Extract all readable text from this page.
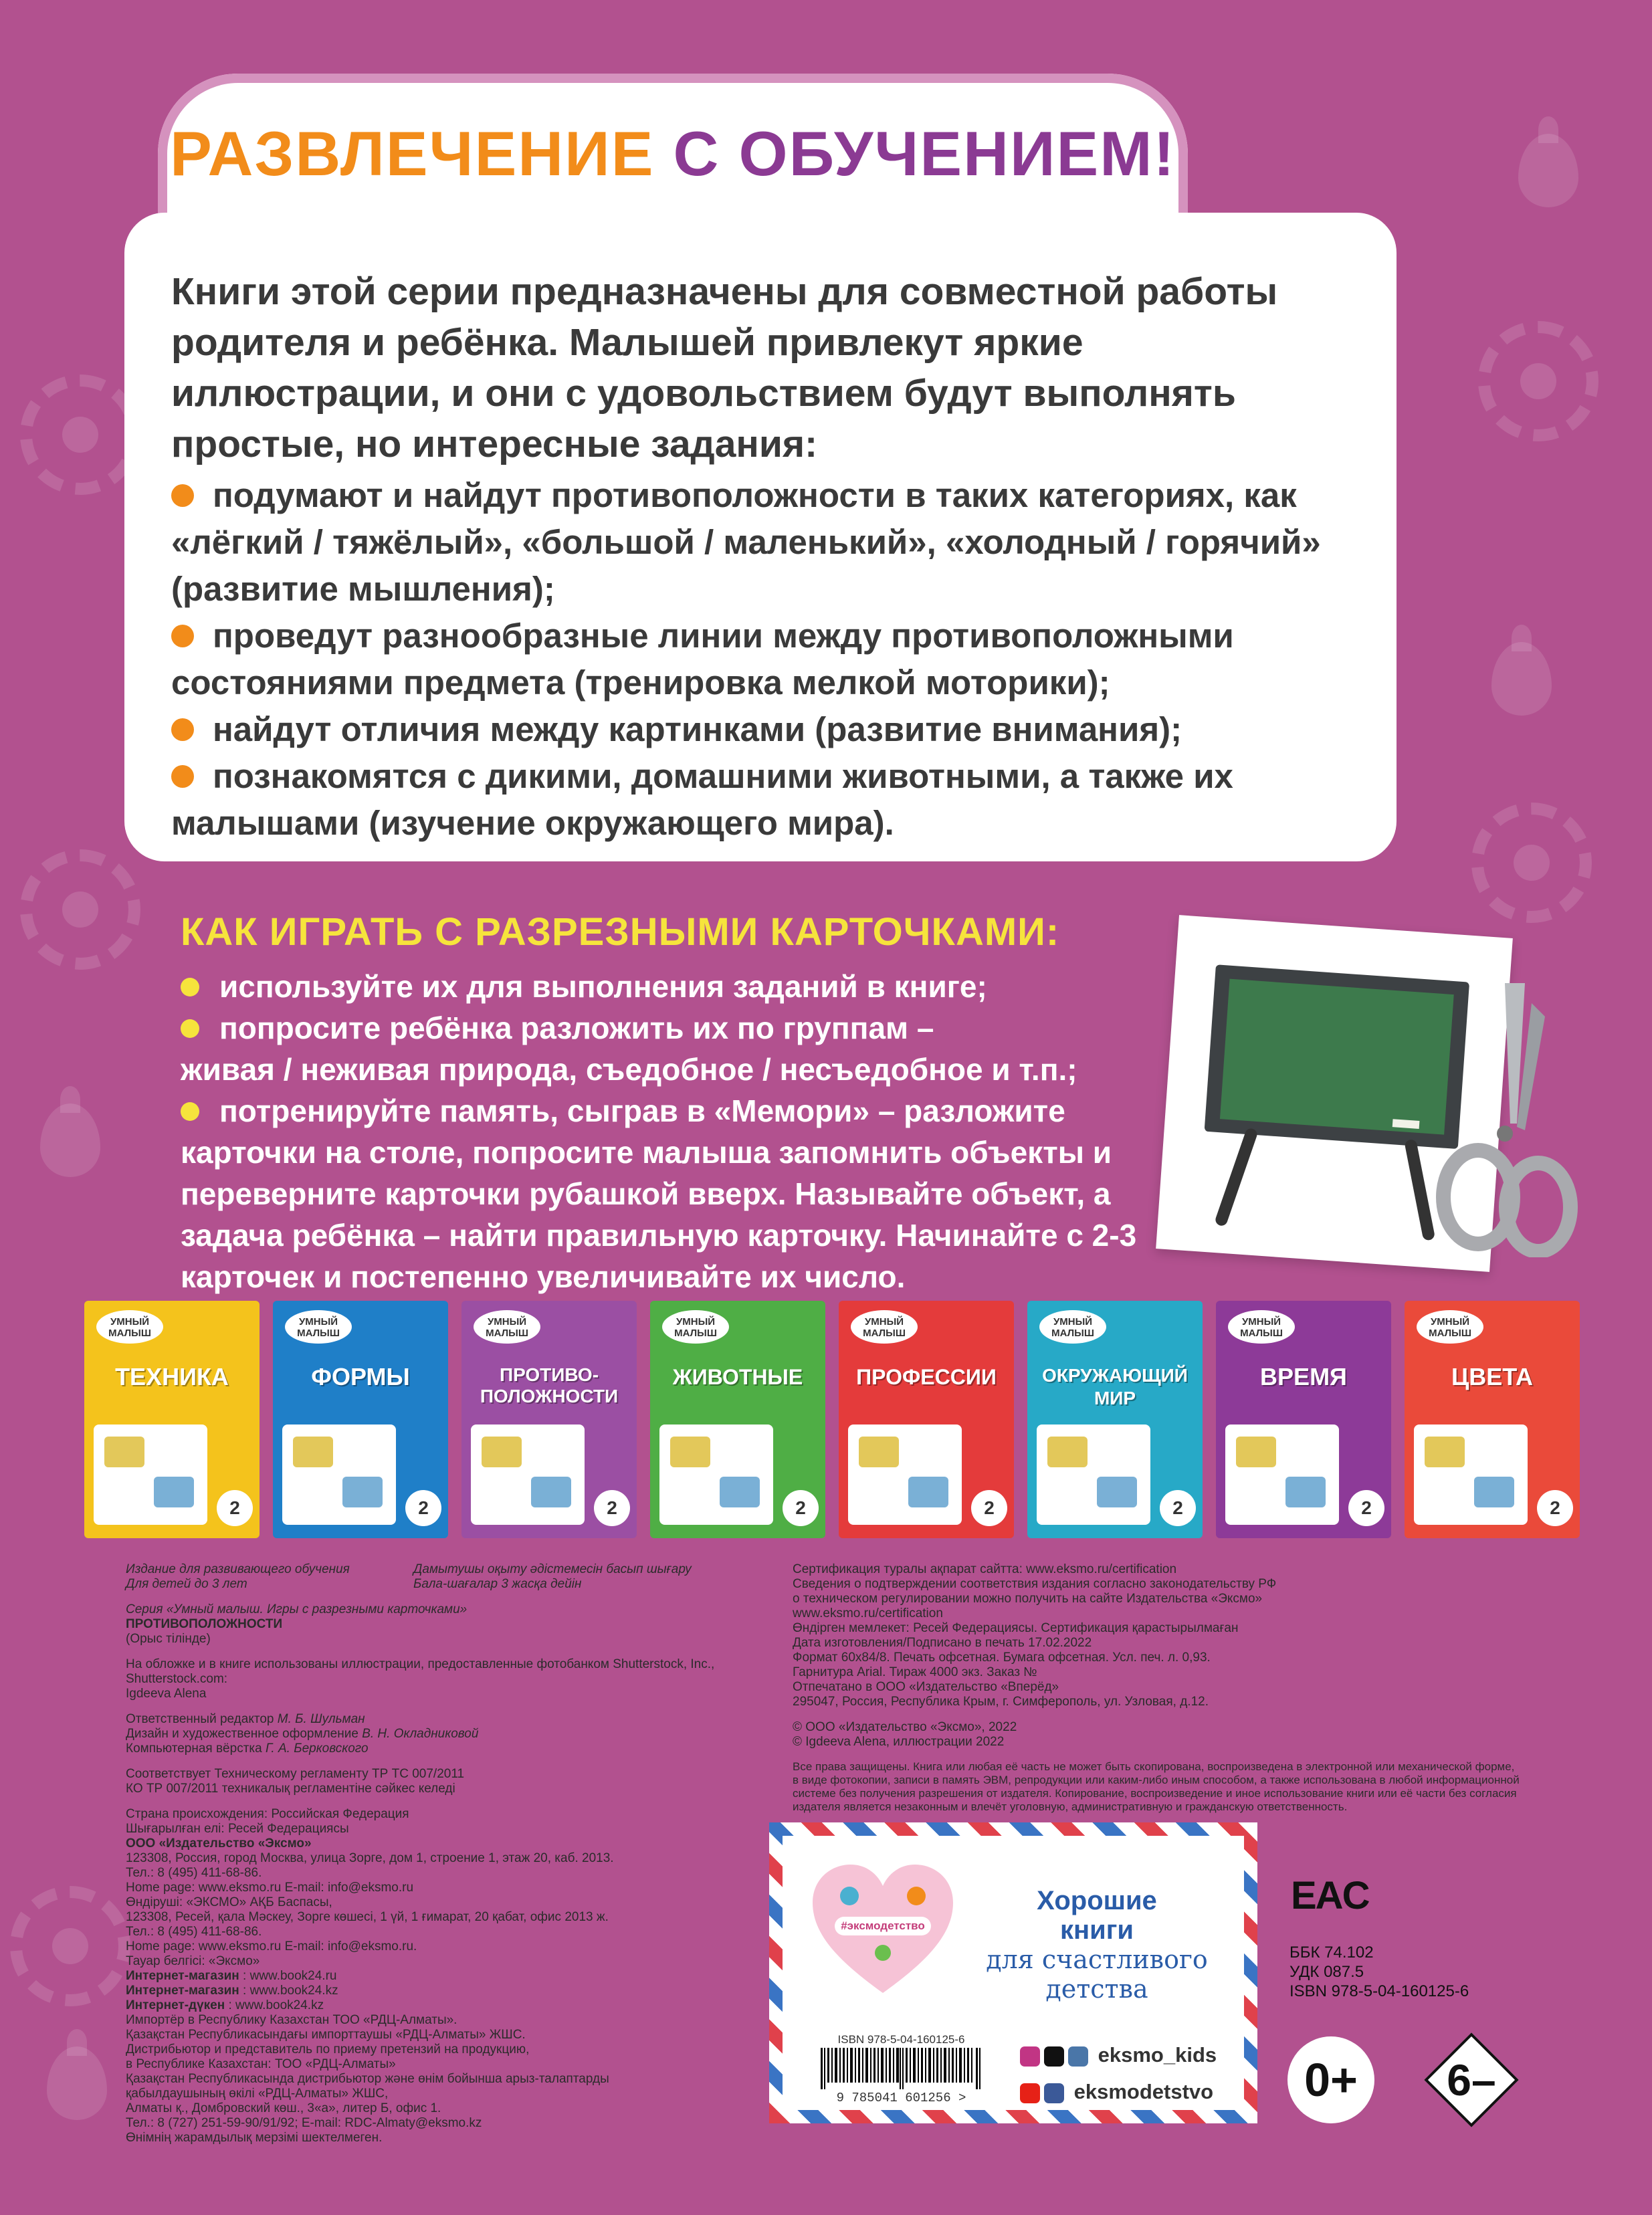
РАЗВЛЕЧЕНИЕ С ОБУЧЕНИЕМ!
Книги этой серии предназначены для совместной работы родителя и ребёнка. Малышей привлекут яркие иллюстрации, и они с удовольствием будут выполнять простые, но интересные задания:
подумают и найдут противоположности в таких категориях, как «лёгкий / тяжёлый», «большой / маленький», «холодный / горячий» (развитие мышления);
проведут разнообразные линии между противоположными состояниями предмета (тренировка мелкой моторики);
найдут отличия между картинками (развитие внимания);
познакомятся с дикими, домашними животными, а также их малышами (изучение окружающего мира).
КАК ИГРАТЬ С РАЗРЕЗНЫМИ КАРТОЧКАМИ:
используйте их для выполнения заданий в книге;
попросите ребёнка разложить их по группам –
живая / неживая природа, съедобное / несъедобное и т.п.;
потренируйте память, сыграв в «Мемори» – разложите карточки на столе, попросите малыша запомнить объекты и переверните карточки рубашкой вверх. Называйте объект, а задача ребёнка – найти правильную карточку. Начинайте с 2-3 карточек и постепенно увеличивайте их число.
УМНЫЙ МАЛЫШ
ТЕХНИКА
2
УМНЫЙ МАЛЫШ
ФОРМЫ
2
УМНЫЙ МАЛЫШ
ПРОТИВО-ПОЛОЖНОСТИ
2
УМНЫЙ МАЛЫШ
ЖИВОТНЫЕ
2
УМНЫЙ МАЛЫШ
ПРОФЕССИИ
2
УМНЫЙ МАЛЫШ
ОКРУЖАЮЩИЙ МИР
2
УМНЫЙ МАЛЫШ
ВРЕМЯ
2
УМНЫЙ МАЛЫШ
ЦВЕТА
2

Издание для развивающего обучения	Дамытушы оқыту әдістемесін басып шығару

Для детей до 3 лет	Бала-шағалар 3 жасқа дейін

Серия «Умный малыш. Игры с разрезными карточками»

ПРОТИВОПОЛОЖНОСТИ

(Орыс тілінде)

На обложке и в книге использованы иллюстрации, предоставленные фотобанком Shutterstock, Inc.,

Shutterstock.com:

Igdeeva Alena

Ответственный редактор М. Б. Шульман

Дизайн и художественное оформление В. Н. Окладниковой

Компьютерная вёрстка Г. А. Берковского

Соответствует Техническому регламенту ТР ТС 007/2011

КО ТР 007/2011 техникалық регламентіне сәйкес келеді

Страна происхождения: Российская Федерация

Шығарылған елі: Ресей Федерациясы

ООО «Издательство «Эксмо»

123308, Россия, город Москва, улица Зорге, дом 1, строение 1, этаж 20, каб. 2013.

Тел.: 8 (495) 411-68-86.

Home page: www.eksmo.ru E-mail: info@eksmo.ru

Өндіруші: «ЭКСМО» АҚБ Баспасы,

123308, Ресей, қала Мәскеу, Зорге көшесі, 1 үй, 1 ғимарат, 20 қабат, офис 2013 ж.

Тел.: 8 (495) 411-68-86.

Home page: www.eksmo.ru E-mail: info@eksmo.ru.

Тауар белгісі: «Эксмо»

Интернет-магазин : www.book24.ru

Интернет-магазин : www.book24.kz

Интернет-дүкен : www.book24.kz

Импортёр в Республику Казахстан ТОО «РДЦ-Алматы».

Қазақстан Республикасындағы импорттаушы «РДЦ-Алматы» ЖШС.

Дистрибьютор и представитель по приему претензий на продукцию,

в Республике Казахстан: ТОО «РДЦ-Алматы»

Қазақстан Республикасында дистрибьютор және өнім бойынша арыз-талаптарды

қабылдаушының өкілі «РДЦ-Алматы» ЖШС,

Алматы қ., Домбровский көш., 3«а», литер Б, офис 1.

Тел.: 8 (727) 251-59-90/91/92; E-mail: RDC-Almaty@eksmo.kz

Өнімнің жарамдылық мерзімі шектелмеген.

Сертификация туралы ақпарат сайтта: www.eksmo.ru/certification

Сведения о подтверждении соответствия издания согласно законодательству РФ

о техническом регулировании можно получить на сайте Издательства «Эксмо»

www.eksmo.ru/certification

Өндірген мемлекет: Ресей Федерациясы. Сертификация қарастырылмаған

Дата изготовления/Подписано в печать 17.02.2022

Формат 60x84/8. Печать офсетная. Бумага офсетная. Усл. печ. л. 0,93.

Гарнитура Arial. Тираж 4000 экз. Заказ №

Отпечатано в ООО «Издательство «Вперёд»

295047, Россия, Республика Крым, г. Симферополь, ул. Узловая, д.12.

© ООО «Издательство «Эксмо», 2022

© Igdeeva Alena, иллюстрации 2022

Все права защищены. Книга или любая её часть не может быть скопирована, воспроизведена в электронной или механической форме, в виде фотокопии, записи в память ЭВМ, репродукции или каким-либо иным способом, а также использована в любой информационной системе без получения разрешения от издателя. Копирование, воспроизведение и иное использование книги или её части без согласия издателя является незаконным и влечёт уголовную, административную и гражданскую ответственность.

#эксмодетство
Хорошие
книги
для счастливого
детства
ISBN 978-5-04-160125-6
9 785041 601256 >
eksmo_kids
eksmodetstvo
EAC
ББК 74.102
УДК 087.5
ISBN 978-5-04-160125-6
0+	6–
